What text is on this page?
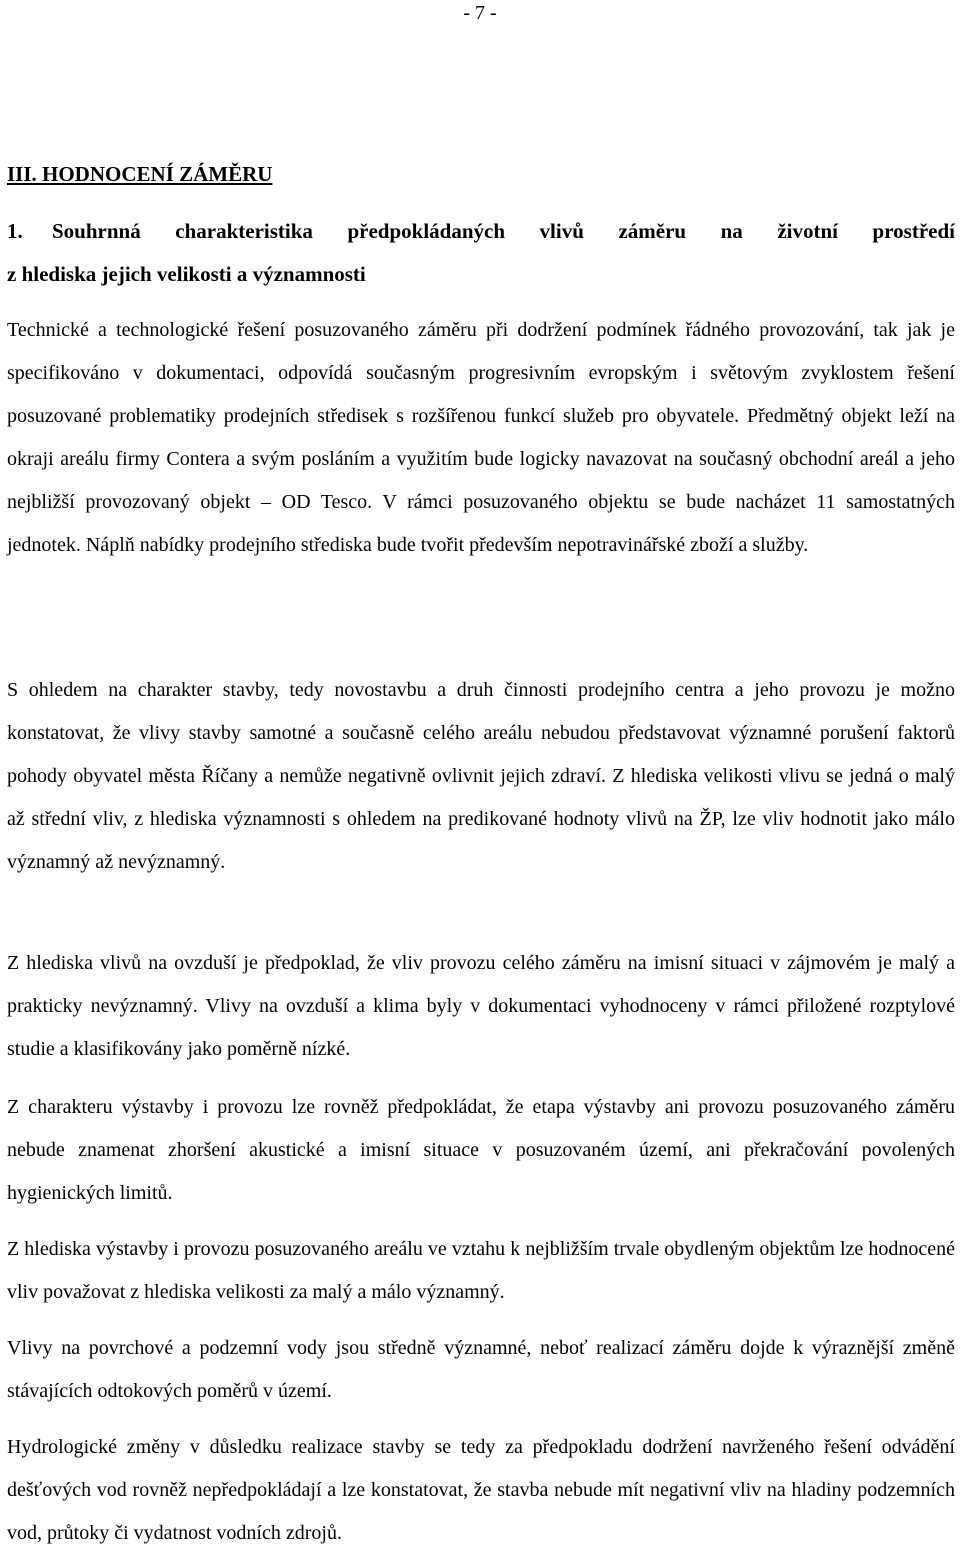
- 7 -
III. HODNOCENÍ ZÁMĚRU
1. Souhrnná charakteristika předpokládaných vlivů záměru na životní prostředí
z hlediska jejich velikosti a významnosti
Technické a technologické řešení posuzovaného záměru při dodržení podmínek řádného provozování, tak jak je specifikováno v dokumentaci, odpovídá současným progresivním evropským i světovým zvyklostem řešení posuzované problematiky prodejních středisek s rozšířenou funkcí služeb pro obyvatele. Předmětný objekt leží na okraji areálu firmy Contera a svým posláním a využitím bude logicky navazovat na současný obchodní areál a jeho nejbližší provozovaný objekt – OD Tesco. V rámci posuzovaného objektu se bude nacházet 11 samostatných jednotek. Náplň nabídky prodejního střediska bude tvořit především nepotravinářské zboží a služby.
S ohledem na charakter stavby, tedy novostavbu a druh činnosti prodejního centra a jeho provozu je možno konstatovat, že vlivy stavby samotné a současně celého areálu nebudou představovat významné porušení faktorů pohody obyvatel města Říčany a nemůže negativně ovlivnit jejich zdraví. Z hlediska velikosti vlivu se jedná o malý až střední vliv, z hlediska významnosti s ohledem na predikované hodnoty vlivů na ŽP, lze vliv hodnotit jako málo významný až nevýznamný.
Z hlediska vlivů na ovzduší je předpoklad, že vliv provozu celého záměru na imisní situaci v zájmovém je malý a prakticky nevýznamný. Vlivy na ovzduší a klima byly v dokumentaci vyhodnoceny v rámci přiložené rozptylové studie a klasifikovány jako poměrně nízké.
Z charakteru výstavby i provozu lze rovněž předpokládat, že etapa výstavby ani provozu posuzovaného záměru nebude znamenat zhoršení akustické a imisní situace v posuzovaném území, ani překračování povolených hygienických limitů.
Z hlediska výstavby i provozu posuzovaného areálu ve vztahu k nejbližším trvale obydleným objektům lze hodnocené vliv považovat z hlediska velikosti za malý a málo významný.
Vlivy na povrchové a podzemní vody jsou středně významné, neboť realizací záměru dojde k výraznější změně stávajících odtokových poměrů v území.
Hydrologické změny v důsledku realizace stavby se tedy za předpokladu dodržení navrženého řešení odvádění dešťových vod rovněž nepředpokládají a lze konstatovat, že stavba nebude mít negativní vliv na hladiny podzemních vod, průtoky či vydatnost vodních zdrojů.
